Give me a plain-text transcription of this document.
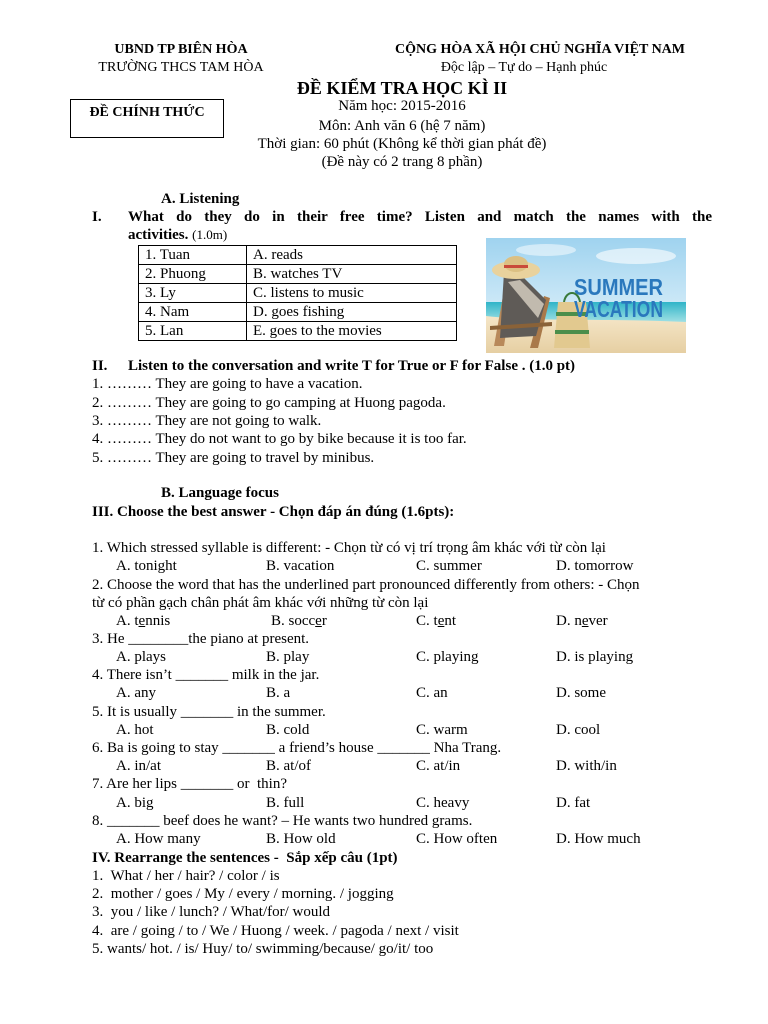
UBND TP BIÊN HÒA
TRƯỜNG THCS TAM HÒA
CỘNG HÒA XÃ HỘI CHỦ NGHĨA VIỆT NAM
Độc lập – Tự do – Hạnh phúc
ĐỀ KIỂM TRA HỌC KÌ II
ĐỀ CHÍNH THỨC	Năm học: 2015-2016
Môn: Anh văn 6 (hệ 7 năm)
Thời gian: 60 phút (Không kể thời gian phát đề)
(Đề này có 2 trang 8 phần)
A. Listening
I. What do they do in their free time? Listen and match the names with the
activities. (1.0m)
1. Tuan	A. reads
2. Phuong	B. watches TV
3. Ly	C. listens to music
4. Nam	D. goes fishing
5. Lan	E. goes to the movies
SUMMER
VACATION
II. Listen to the conversation and write T for True or F for False . (1.0 pt)
1. ……… They are going to have a vacation.
2. ……… They are going to go camping at Huong pagoda.
3. ……… They are not going to walk.
4. ……… They do not want to go by bike because it is too far.
5. ……… They are going to travel by minibus.
B. Language focus
III. Choose the best answer - Chọn đáp án đúng (1.6pts):
1. Which stressed syllable is different: - Chọn từ có vị trí trọng âm khác với từ còn lại
A. tonight	B. vacation	C. summer	D. tomorrow
2. Choose the word that has the underlined part pronounced differently from others: - Chọn
từ có phần gạch chân phát âm khác với những từ còn lại
A. tennis	B. soccer	C. tent	D. never
3. He ________the piano at present.
A. plays	B. play	C. playing	D. is playing
4. There isn’t _______ milk in the jar.
A. any	B. a	C. an	D. some
5. It is usually _______ in the summer.
A. hot	B. cold	C. warm	D. cool
6. Ba is going to stay _______ a friend’s house _______ Nha Trang.
A. in/at	B. at/of	C. at/in	D. with/in
7. Are her lips _______ or  thin?
A. big	B. full	C. heavy	D. fat
8. _______ beef does he want? – He wants two hundred grams.
A. How many	B. How old	C. How often	D. How much
IV. Rearrange the sentences -  Sắp xếp câu (1pt)
1.  What / her / hair? / color / is
2.  mother / goes / My / every / morning. / jogging
3.  you / like / lunch? / What/for/ would
4.  are / going / to / We / Huong / week. / pagoda / next / visit
5. wants/ hot. / is/ Huy/ to/ swimming/because/ go/it/ too
